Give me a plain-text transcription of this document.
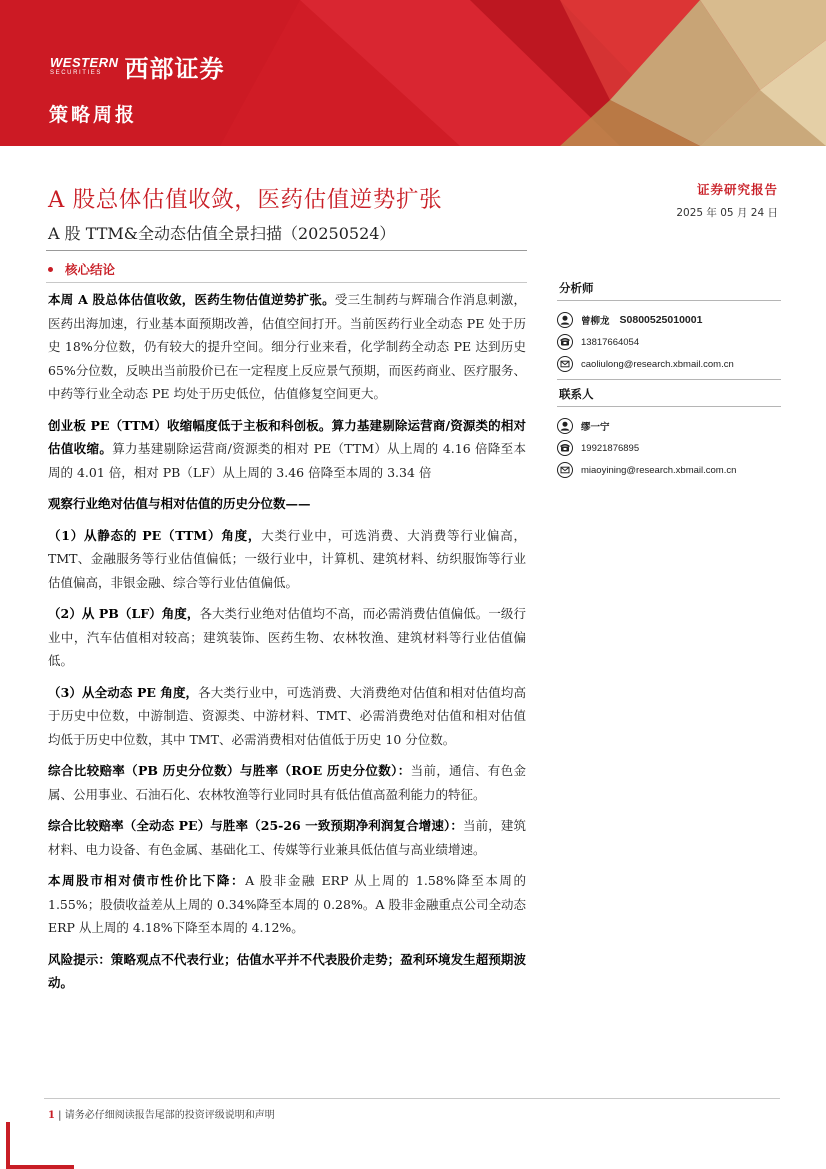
WESTERN
SECURITIES 西部证券
策略周报
A 股总体估值收敛，医药估值逆势扩张
A 股 TTM&全动态估值全景扫描（20250524）
证券研究报告
2025 年 05 月 24 日
核心结论

本周 A 股总体估值收敛，医药生物估值逆势扩张。受三生制药与辉瑞合作消息刺激，医药出海加速，行业基本面预期改善，估值空间打开。当前医药行业全动态 PE 处于历史 18%分位数，仍有较大的提升空间。细分行业来看，化学制药全动态 PE 达到历史 65%分位数，反映出当前股价已在一定程度上反应景气预期，而医药商业、医疗服务、中药等行业全动态 PE 均处于历史低位，估值修复空间更大。

创业板 PE（TTM）收缩幅度低于主板和科创板。算力基建剔除运营商/资源类的相对估值收缩。算力基建剔除运营商/资源类的相对 PE（TTM）从上周的 4.16 倍降至本周的 4.01 倍，相对 PB（LF）从上周的 3.46 倍降至本周的 3.34 倍

观察行业绝对估值与相对估值的历史分位数——

（1）从静态的 PE（TTM）角度，大类行业中，可选消费、大消费等行业偏高，TMT、金融服务等行业估值偏低；一级行业中，计算机、建筑材料、纺织服饰等行业估值偏高，非银金融、综合等行业估值偏低。

（2）从 PB（LF）角度，各大类行业绝对估值均不高，而必需消费估值偏低。一级行业中，汽车估值相对较高；建筑装饰、医药生物、农林牧渔、建筑材料等行业估值偏低。

（3）从全动态 PE 角度，各大类行业中，可选消费、大消费绝对估值和相对估值均高于历史中位数，中游制造、资源类、中游材料、TMT、必需消费绝对估值和相对估值均低于历史中位数，其中 TMT、必需消费相对估值低于历史 10 分位数。

综合比较赔率（PB 历史分位数）与胜率（ROE 历史分位数）：当前，通信、有色金属、公用事业、石油石化、农林牧渔等行业同时具有低估值高盈利能力的特征。

综合比较赔率（全动态 PE）与胜率（25-26 一致预期净利润复合增速）：当前，建筑材料、电力设备、有色金属、基础化工、传媒等行业兼具低估值与高业绩增速。

本周股市相对债市性价比下降：A 股非金融 ERP 从上周的 1.58%降至本周的 1.55%；股债收益差从上周的 0.34%降至本周的 0.28%。A 股非金融重点公司全动态 ERP 从上周的 4.18%下降至本周的 4.12%。

风险提示：策略观点不代表行业；估值水平并不代表股价走势；盈利环境发生超预期波动。

分析师
曾柳龙 S0800525010001
13817664054
caoliulong@research.xbmail.com.cn
联系人
缪一宁
19921876895
miaoyining@research.xbmail.com.cn
1 | 请务必仔细阅读报告尾部的投资评级说明和声明
